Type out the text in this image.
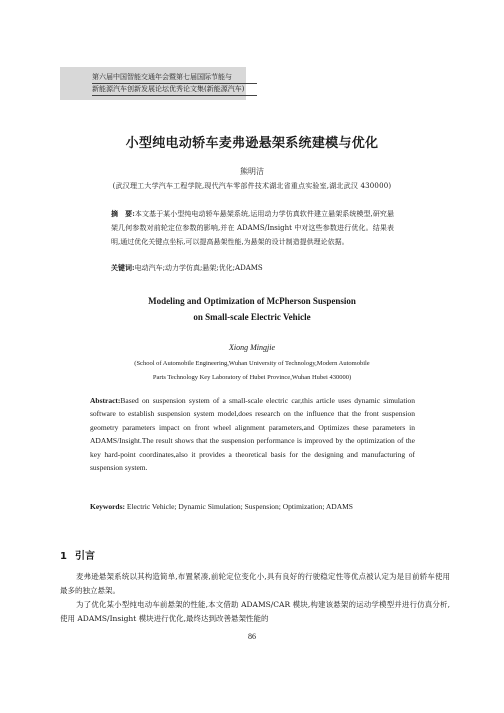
第六届中国智能交通年会暨第七届国际节能与
新能源汽车创新发展论坛优秀论文集(新能源汽车)
小型纯电动轿车麦弗逊悬架系统建模与优化
熊明洁
(武汉理工大学汽车工程学院,现代汽车零部件技术湖北省重点实验室,湖北武汉 430000)
摘　要:本文基于某小型纯电动轿车悬架系统,运用动力学仿真软件建立悬架系统模型,研究悬架几何参数对前轮定位参数的影响,并在 ADAMS/Insight 中对这些参数进行优化。结果表明,通过优化关键点坐标,可以提高悬架性能,为悬架的设计制造提供理论依据。
关键词:电动汽车;动力学仿真;悬架;优化;ADAMS
Modeling and Optimization of McPherson Suspension
on Small-scale Electric Vehicle
Xiong Mingjie
(School of Automobile Engineering,Wuhan University of Technology,Modern Automobile
Parts Technology Key Laboratory of Hubei Province,Wuhan Hubei 430000)
Abstract:Based on suspension system of a small-scale electric car,this article uses dynamic simulation software to establish suspension system model,does research on the influence that the front suspension geometry parameters impact on front wheel alignment parameters,and Optimizes these parameters in ADAMS/Insight.The result shows that the suspension performance is improved by the optimization of the key hard-point coordinates,also it provides a theoretical basis for the designing and manufacturing of suspension system.
Keywords: Electric Vehicle; Dynamic Simulation; Suspension; Optimization; ADAMS
1 引言

麦弗逊悬架系统以其构造简单,布置紧凑,前轮定位变化小,具有良好的行驶稳定性等优点被认定为是目前轿车使用最多的独立悬架。

为了优化某小型纯电动车前悬架的性能,本文借助 ADAMS/CAR 模块,构建该悬架的运动学模型并进行仿真分析,使用 ADAMS/Insight 模块进行优化,最终达到改善悬架性能的

86
